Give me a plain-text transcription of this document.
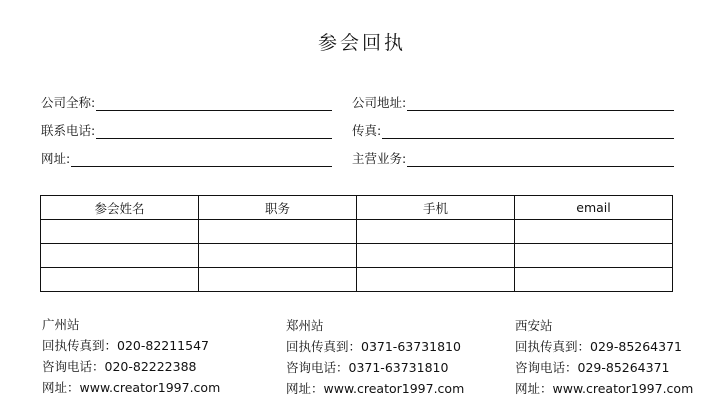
参会回执
公司全称:	公司地址:
联系电话:	传真:
网址:	主营业务:
参会姓名	职务	手机	email

广州站
回执传真到：020-82211547
咨询电话：020-82222388
网址：www.creator1997.com
郑州站
回执传真到：0371-63731810
咨询电话：0371-63731810
网址：www.creator1997.com
西安站
回执传真到：029-85264371
咨询电话：029-85264371
网址：www.creator1997.com
